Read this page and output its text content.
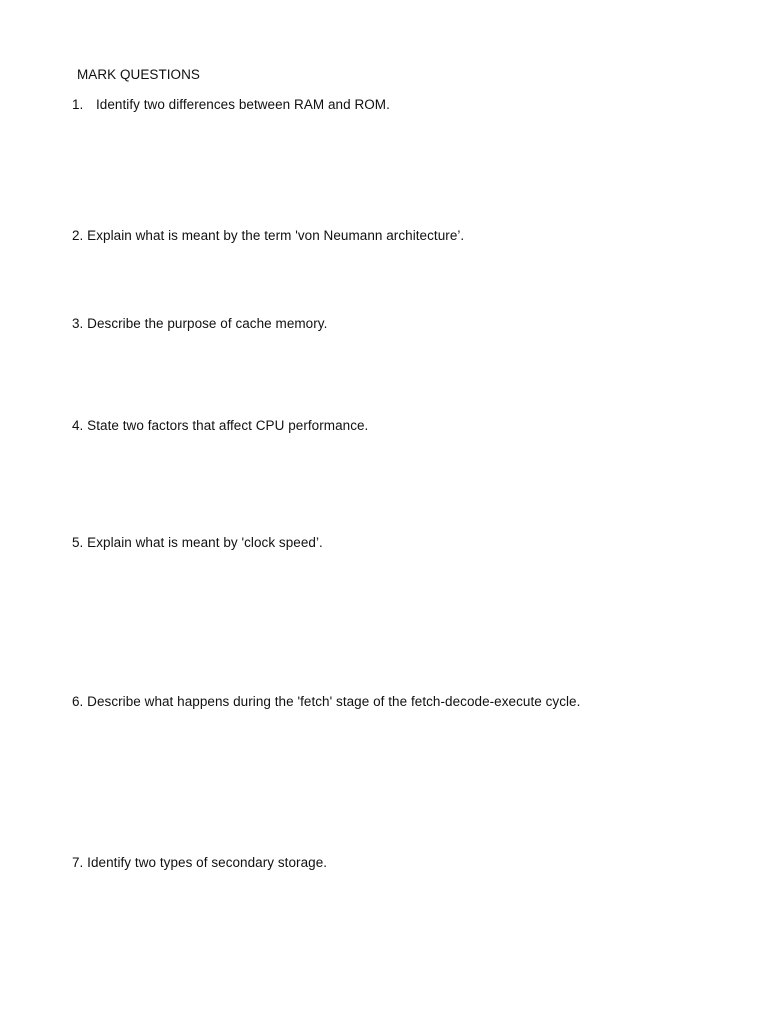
MARK QUESTIONS
1. Identify two differences between RAM and ROM.
2. Explain what is meant by the term 'von Neumann architecture’.
3. Describe the purpose of cache memory.
4. State two factors that affect CPU performance.
5. Explain what is meant by 'clock speed’.
6. Describe what happens during the 'fetch' stage of the fetch-decode-execute cycle.
7. Identify two types of secondary storage.
